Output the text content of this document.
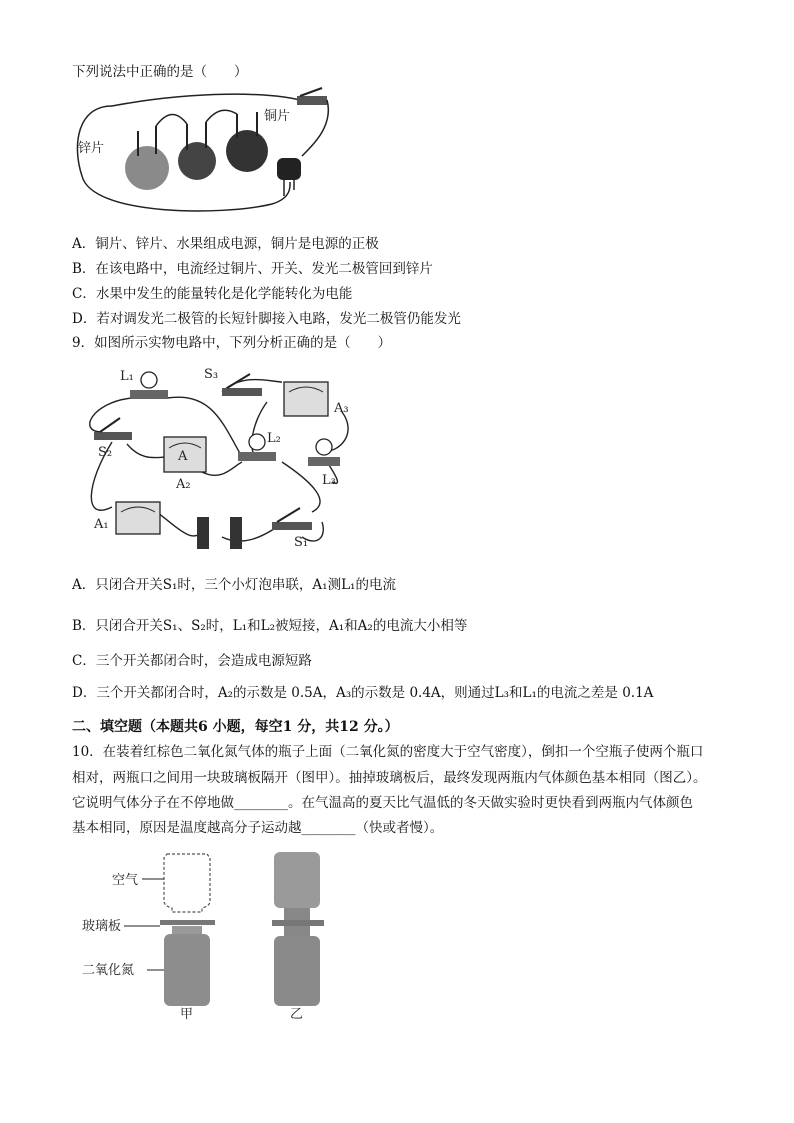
下列说法中正确的是（　　）
锌片
铜片
A．铜片、锌片、水果组成电源，铜片是电源的正极
B．在该电路中，电流经过铜片、开关、发光二极管回到锌片
C．水果中发生的能量转化是化学能转化为电能
D．若对调发光二极管的长短针脚接入电路，发光二极管仍能发光
9．如图所示实物电路中，下列分析正确的是（　　）
L₁	S₃
A₃
S₂	A
A₂
L₂
L₃
A₁
S₁
A．只闭合开关S₁时，三个小灯泡串联，A₁测L₁的电流
B．只闭合开关S₁、S₂时，L₁和L₂被短接，A₁和A₂的电流大小相等
C．三个开关都闭合时，会造成电源短路
D．三个开关都闭合时，A₂的示数是 0.5A，A₃的示数是 0.4A，则通过L₃和L₁的电流之差是 0.1A
二、填空题（本题共6 小题，每空1 分，共12 分。）
10．在装着红棕色二氧化氮气体的瓶子上面（二氧化氮的密度大于空气密度），倒扣一个空瓶子使两个瓶口
相对，两瓶口之间用一块玻璃板隔开（图甲）。抽掉玻璃板后，最终发现两瓶内气体颜色基本相同（图乙）。
它说明气体分子在不停地做________。在气温高的夏天比气温低的冬天做实验时更快看到两瓶内气体颜色
基本相同，原因是温度越高分子运动越________（快或者慢）。
空气
玻璃板
二氧化氮
甲	乙
